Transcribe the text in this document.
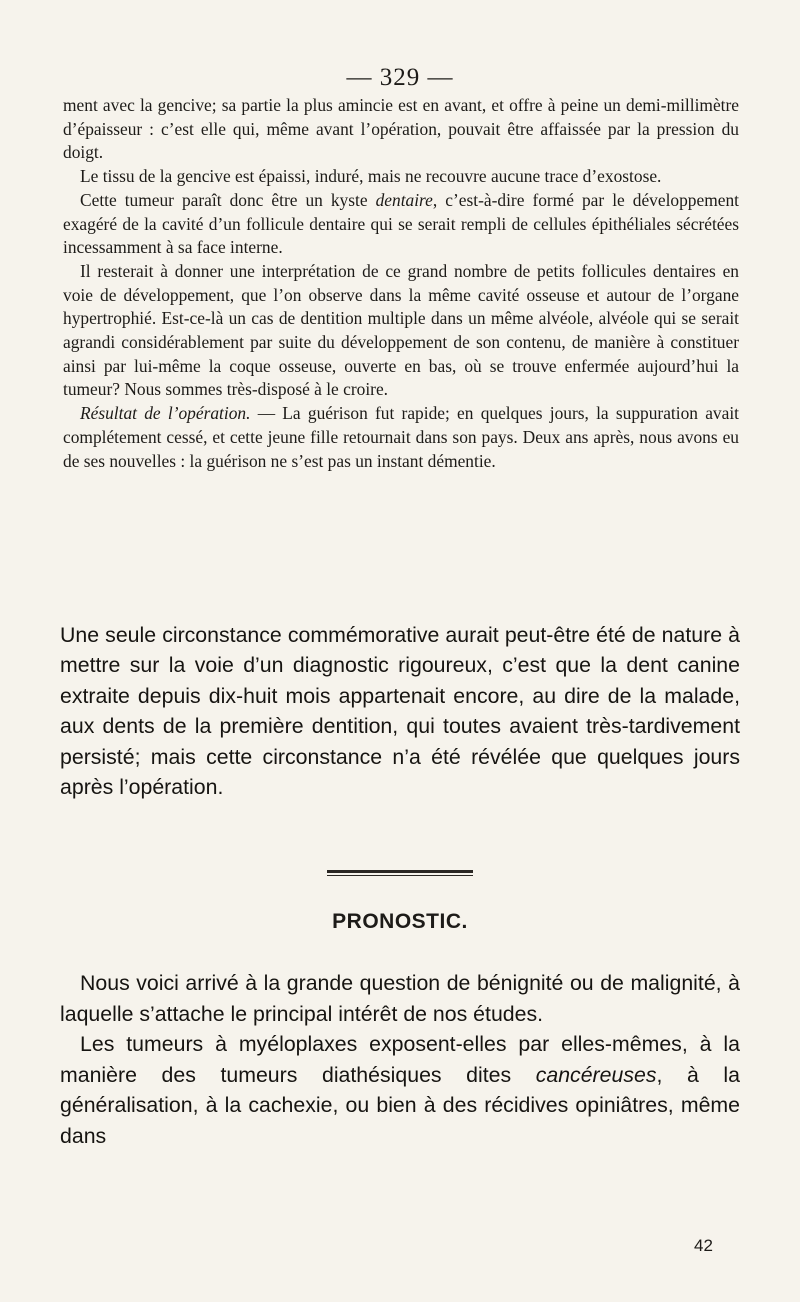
— 329 —

ment avec la gencive; sa partie la plus amincie est en avant, et offre à peine un demi-millimètre d’épaisseur : c’est elle qui, même avant l’opération, pouvait être affaissée par la pression du doigt.

Le tissu de la gencive est épaissi, induré, mais ne recouvre aucune trace d’exostose.

Cette tumeur paraît donc être un kyste dentaire, c’est-à-dire formé par le développement exagéré de la cavité d’un follicule dentaire qui se serait rempli de cellules épithéliales sécrétées incessamment à sa face interne.

Il resterait à donner une interprétation de ce grand nombre de petits follicules dentaires en voie de développement, que l’on observe dans la même cavité osseuse et autour de l’organe hypertrophié. Est-ce-là un cas de dentition multiple dans un même alvéole, alvéole qui se serait agrandi considérablement par suite du développement de son contenu, de manière à constituer ainsi par lui-même la coque osseuse, ouverte en bas, où se trouve enfermée aujourd’hui la tumeur? Nous sommes très-disposé à le croire.

Résultat de l’opération. — La guérison fut rapide; en quelques jours, la suppuration avait complétement cessé, et cette jeune fille retournait dans son pays. Deux ans après, nous avons eu de ses nouvelles : la guérison ne s’est pas un instant démentie.

Une seule circonstance commémorative aurait peut-être été de nature à mettre sur la voie d’un diagnostic rigoureux, c’est que la dent canine extraite depuis dix-huit mois appartenait encore, au dire de la malade, aux dents de la première dentition, qui toutes avaient très-tardivement persisté; mais cette circonstance n’a été révélée que quelques jours après l’opération.

PRONOSTIC.

Nous voici arrivé à la grande question de bénignité ou de malignité, à laquelle s’attache le principal intérêt de nos études.

Les tumeurs à myéloplaxes exposent-elles par elles-mêmes, à la manière des tumeurs diathésiques dites cancéreuses, à la généralisation, à la cachexie, ou bien à des récidives opiniâtres, même dans

42
